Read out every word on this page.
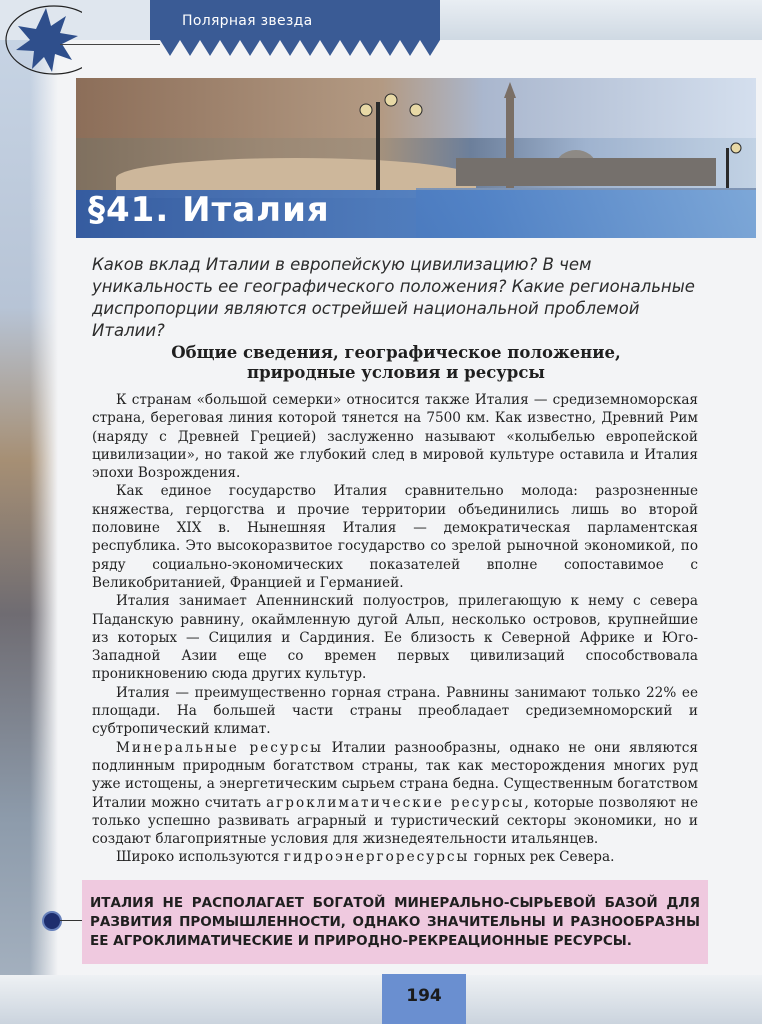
Полярная звезда
§41. Италия

Каков вклад Италии в европейскую цивилизацию? В чем уникальность ее географического положения? Какие региональные диспропорции являются острейшей национальной проблемой Италии?

Общие сведения, географическое положение,
природные условия и ресурсы

К странам «большой семерки» относится также Италия — средиземноморская страна, береговая линия которой тянется на 7500 км. Как известно, Древний Рим (наряду с Древней Грецией) заслуженно называют «колыбелью европейской цивилизации», но такой же глубокий след в мировой культуре оставила и Италия эпохи Возрождения.

Как единое государство Италия сравнительно молода: разрозненные княжества, герцогства и прочие территории объединились лишь во второй половине XIX в. Нынешняя Италия — демократическая парламентская республика. Это высокоразвитое государство со зрелой рыночной экономикой, по ряду социально-экономических показателей вполне сопоставимое с Великобританией, Францией и Германией.

Италия занимает Апеннинский полуостров, прилегающую к нему с севера Паданскую равнину, окаймленную дугой Альп, несколько островов, крупнейшие из которых — Сицилия и Сардиния. Ее близость к Северной Африке и Юго-Западной Азии еще со времен первых цивилизаций способствовала проникновению сюда других культур.

Италия — преимущественно горная страна. Равнины занимают только 22% ее площади. На большей части страны преобладает средиземноморский и субтропический климат.

Минеральные ресурсы Италии разнообразны, однако не они являются подлинным природным богатством страны, так как месторождения многих руд уже истощены, а энергетическим сырьем страна бедна. Существенным богатством Италии можно считать агроклиматические ресурсы, которые позволяют не только успешно развивать аграрный и туристический секторы экономики, но и создают благоприятные условия для жизнедеятельности итальянцев.

Широко используются гидроэнергоресурсы горных рек Севера.

ИТАЛИЯ НЕ РАСПОЛАГАЕТ БОГАТОЙ МИНЕРАЛЬНО-СЫРЬЕВОЙ БАЗОЙ ДЛЯ РАЗВИТИЯ ПРОМЫШЛЕННОСТИ, ОДНАКО ЗНАЧИТЕЛЬНЫ И РАЗНООБРАЗНЫ ЕЕ АГРОКЛИМАТИЧЕСКИЕ И ПРИРОДНО-РЕКРЕАЦИОННЫЕ РЕСУРСЫ.
194
